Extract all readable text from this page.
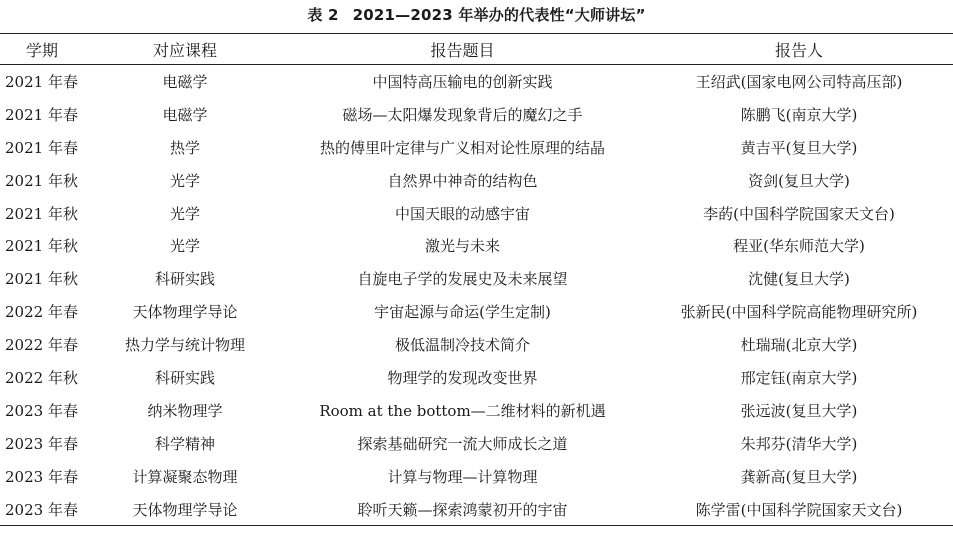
表 2 2021—2023 年举办的代表性“大师讲坛”
学期	对应课程	报告题目	报告人
2021 年春	电磁学	中国特高压输电的创新实践	王绍武(国家电网公司特高压部)
2021 年春	电磁学	磁场—太阳爆发现象背后的魔幻之手	陈鹏飞(南京大学)
2021 年春	热学	热的傅里叶定律与广义相对论性原理的结晶	黄吉平(复旦大学)
2021 年秋	光学	自然界中神奇的结构色	资剑(复旦大学)
2021 年秋	光学	中国天眼的动感宇宙	李菂(中国科学院国家天文台)
2021 年秋	光学	激光与未来	程亚(华东师范大学)
2021 年秋	科研实践	自旋电子学的发展史及未来展望	沈健(复旦大学)
2022 年春	天体物理学导论	宇宙起源与命运(学生定制)	张新民(中国科学院高能物理研究所)
2022 年春	热力学与统计物理	极低温制冷技术简介	杜瑞瑞(北京大学)
2022 年秋	科研实践	物理学的发现改变世界	邢定钰(南京大学)
2023 年春	纳米物理学	Room at the bottom—二维材料的新机遇	张远波(复旦大学)
2023 年春	科学精神	探索基础研究一流大师成长之道	朱邦芬(清华大学)
2023 年春	计算凝聚态物理	计算与物理—计算物理	龚新高(复旦大学)
2023 年春	天体物理学导论	聆听天籁—探索鸿蒙初开的宇宙	陈学雷(中国科学院国家天文台)
